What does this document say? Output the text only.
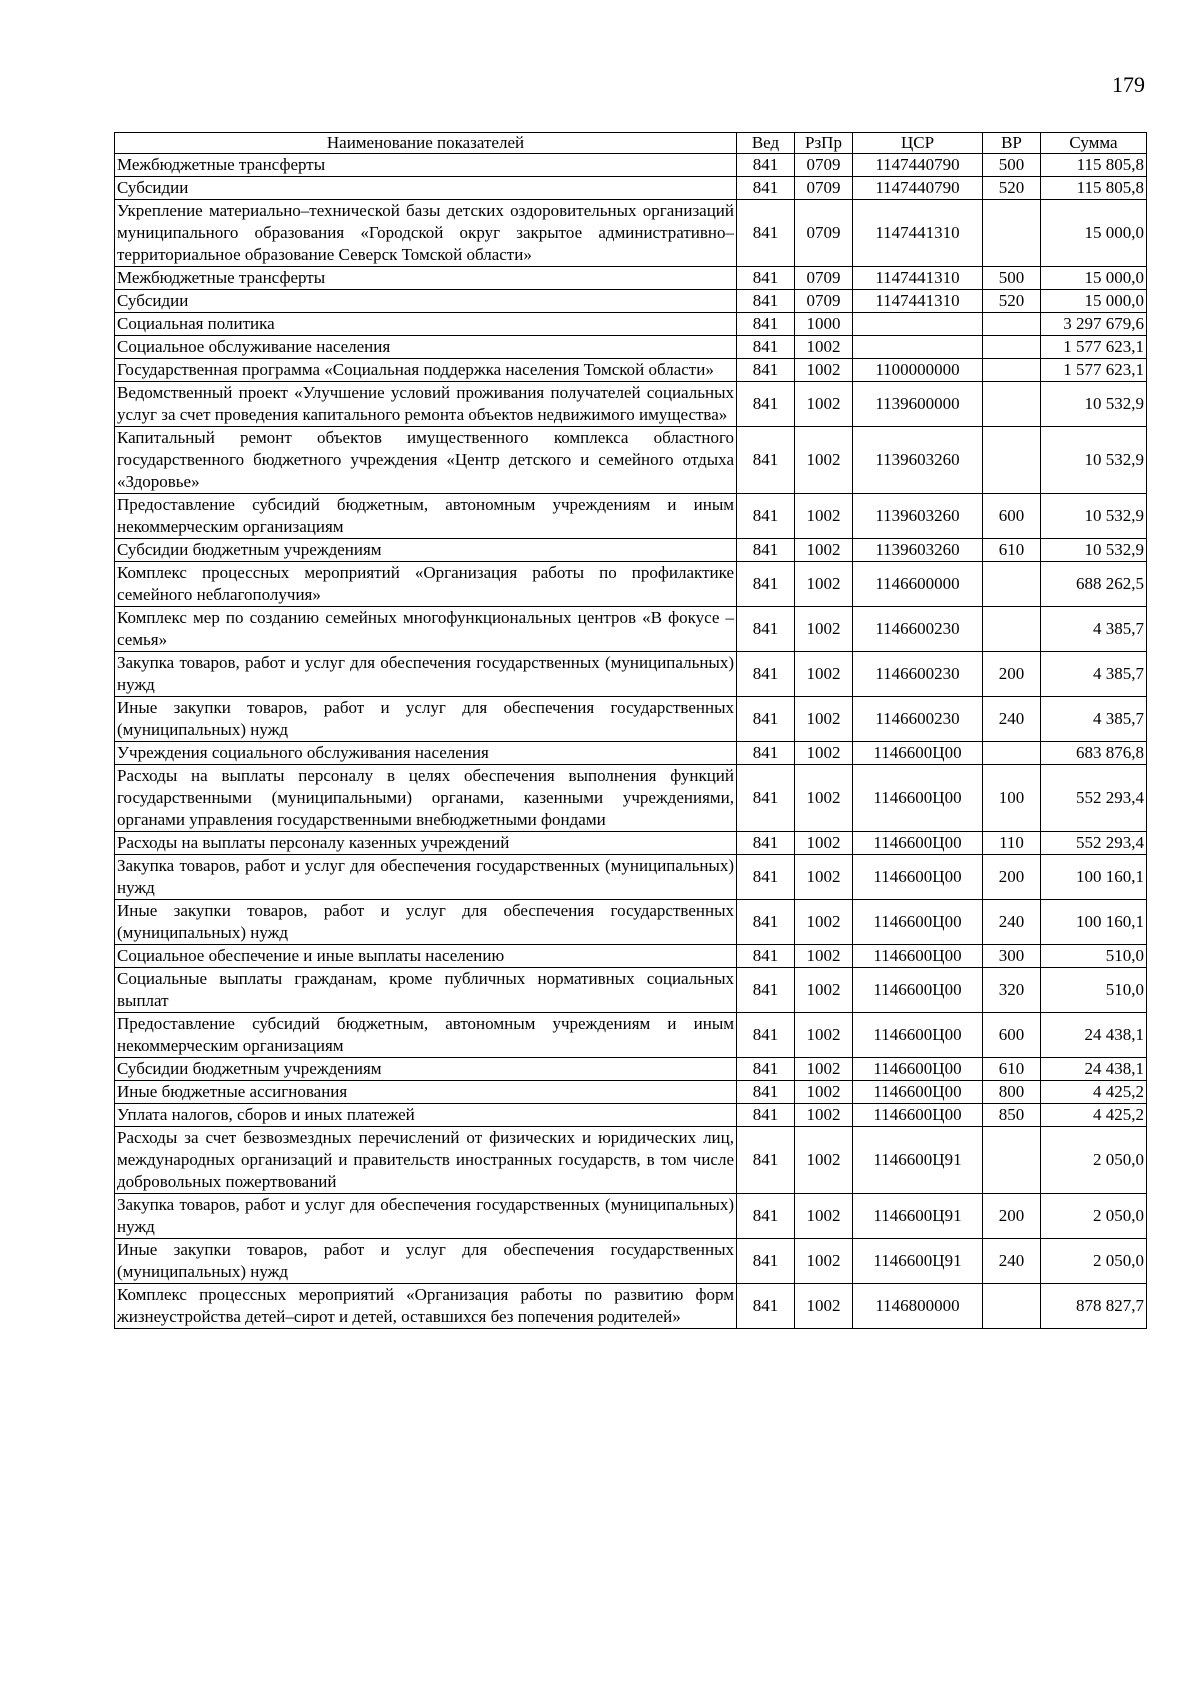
179
Наименование показателей	Вед	РзПр	ЦСР	ВР	Сумма
Межбюджетные трансферты	841	0709	1147440790	500	115 805,8
Субсидии	841	0709	1147440790	520	115 805,8
Укрепление материально–технической базы детских оздоровительных организаций муниципального образования «Городской округ закрытое административно–территориальное образование Северск Томской области»	841	0709	1147441310		15 000,0
Межбюджетные трансферты	841	0709	1147441310	500	15 000,0
Субсидии	841	0709	1147441310	520	15 000,0
Социальная политика	841	1000			3 297 679,6
Социальное обслуживание населения	841	1002			1 577 623,1
Государственная программа «Социальная поддержка населения Томской области»	841	1002	1100000000		1 577 623,1
Ведомственный проект «Улучшение условий проживания получателей социальных услуг за счет проведения капитального ремонта объектов недвижимого имущества»	841	1002	1139600000		10 532,9
Капитальный ремонт объектов имущественного комплекса областного государственного бюджетного учреждения «Центр детского и семейного отдыха «Здоровье»	841	1002	1139603260		10 532,9
Предоставление субсидий бюджетным, автономным учреждениям и иным некоммерческим организациям	841	1002	1139603260	600	10 532,9
Субсидии бюджетным учреждениям	841	1002	1139603260	610	10 532,9
Комплекс процессных мероприятий «Организация работы по профилактике семейного неблагополучия»	841	1002	1146600000		688 262,5
Комплекс мер по созданию семейных многофункциональных центров «В фокусе – семья»	841	1002	1146600230		4 385,7
Закупка товаров, работ и услуг для обеспечения государственных (муниципальных) нужд	841	1002	1146600230	200	4 385,7
Иные закупки товаров, работ и услуг для обеспечения государственных (муниципальных) нужд	841	1002	1146600230	240	4 385,7
Учреждения социального обслуживания населения	841	1002	1146600Ц00		683 876,8
Расходы на выплаты персоналу в целях обеспечения выполнения функций государственными (муниципальными) органами, казенными учреждениями, органами управления государственными внебюджетными фондами	841	1002	1146600Ц00	100	552 293,4
Расходы на выплаты персоналу казенных учреждений	841	1002	1146600Ц00	110	552 293,4
Закупка товаров, работ и услуг для обеспечения государственных (муниципальных) нужд	841	1002	1146600Ц00	200	100 160,1
Иные закупки товаров, работ и услуг для обеспечения государственных (муниципальных) нужд	841	1002	1146600Ц00	240	100 160,1
Социальное обеспечение и иные выплаты населению	841	1002	1146600Ц00	300	510,0
Социальные выплаты гражданам, кроме публичных нормативных социальных выплат	841	1002	1146600Ц00	320	510,0
Предоставление субсидий бюджетным, автономным учреждениям и иным некоммерческим организациям	841	1002	1146600Ц00	600	24 438,1
Субсидии бюджетным учреждениям	841	1002	1146600Ц00	610	24 438,1
Иные бюджетные ассигнования	841	1002	1146600Ц00	800	4 425,2
Уплата налогов, сборов и иных платежей	841	1002	1146600Ц00	850	4 425,2
Расходы за счет безвозмездных перечислений от физических и юридических лиц, международных организаций и правительств иностранных государств, в том числе добровольных пожертвований	841	1002	1146600Ц91		2 050,0
Закупка товаров, работ и услуг для обеспечения государственных (муниципальных) нужд	841	1002	1146600Ц91	200	2 050,0
Иные закупки товаров, работ и услуг для обеспечения государственных (муниципальных) нужд	841	1002	1146600Ц91	240	2 050,0
Комплекс процессных мероприятий «Организация работы по развитию форм жизнеустройства детей–сирот и детей, оставшихся без попечения родителей»	841	1002	1146800000		878 827,7
